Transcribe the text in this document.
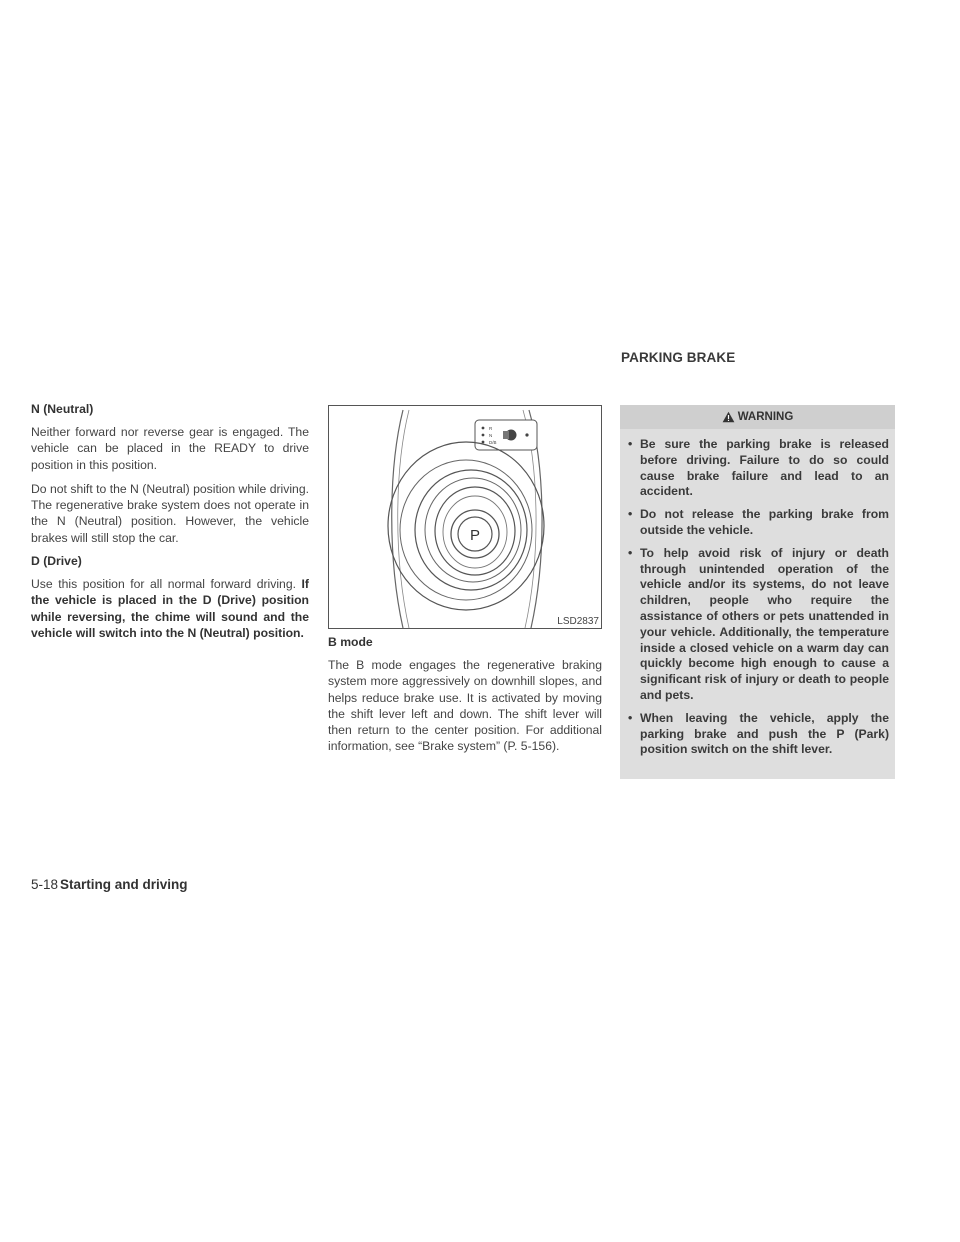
PARKING BRAKE
N (Neutral)

Neither forward nor reverse gear is engaged. The vehicle can be placed in the READY to drive position in this position.

Do not shift to the N (Neutral) position while driving. The regenerative brake system does not operate in the N (Neutral) position. However, the vehicle brakes will still stop the car.

D (Drive)

Use this position for all normal forward driving. If the vehicle is placed in the D (Drive) position while reversing, the chime will sound and the vehicle will switch into the N (Neutral) position.

R
N
D/B
P
LSD2837
B mode

The B mode engages the regenerative braking system more aggressively on downhill slopes, and helps reduce brake use. It is activated by moving the shift lever left and down. The shift lever will then return to the center position. For additional information, see “Brake system” (P. 5-156).

WARNING
• Be sure the parking brake is released before driving. Failure to do so could cause brake failure and lead to an accident.
• Do not release the parking brake from outside the vehicle.
• To help avoid risk of injury or death through unintended operation of the vehicle and/or its systems, do not leave children, people who require the assistance of others or pets unattended in your vehicle. Additionally, the temperature inside a closed vehicle on a warm day can quickly become high enough to cause a significant risk of injury or death to people and pets.
• When leaving the vehicle, apply the parking brake and push the P (Park) position switch on the shift lever.
5-18 Starting and driving
